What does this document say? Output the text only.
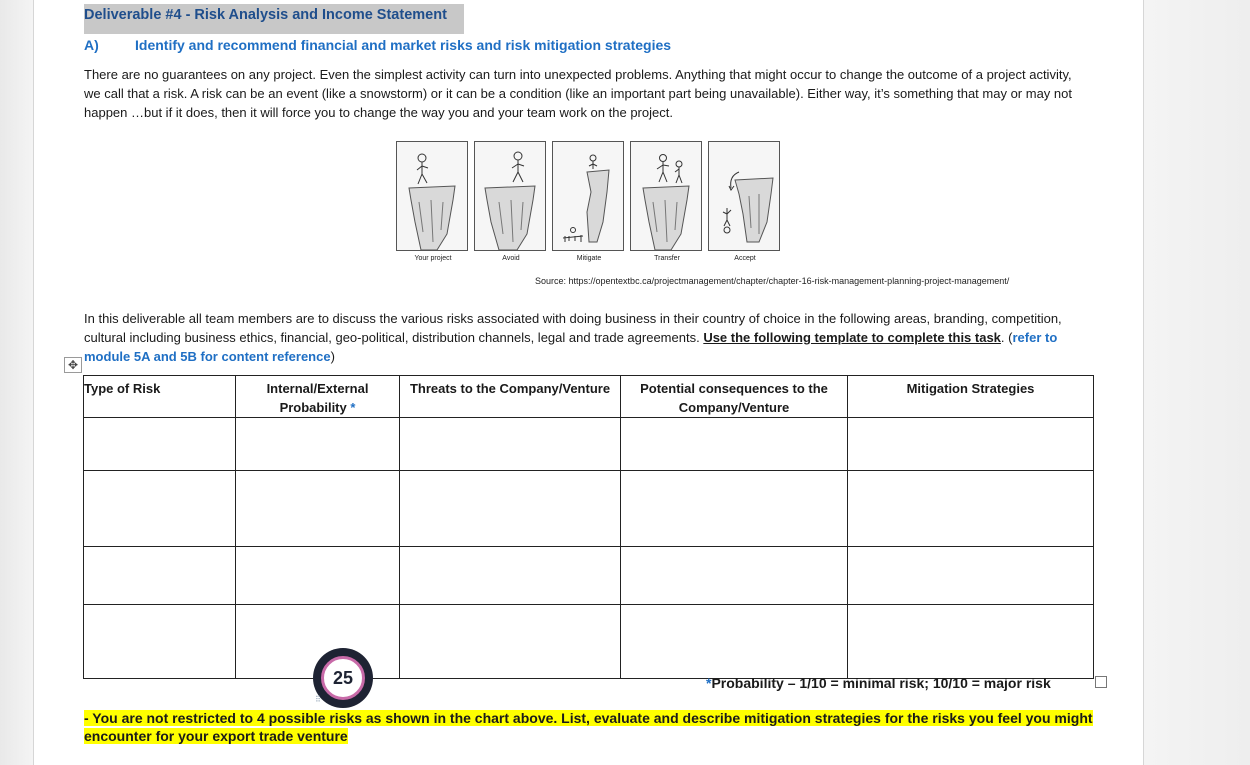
Deliverable #4 - Risk Analysis and Income Statement
A)	Identify and recommend financial and market risks and risk mitigation strategies
There are no guarantees on any project. Even the simplest activity can turn into unexpected problems. Anything that might occur to change the outcome of a project activity, we call that a risk. A risk can be an event (like a snowstorm) or it can be a condition (like an important part being unavailable). Either way, it’s something that may or may not happen …but if it does, then it will force you to change the way you and your team work on the project.
Your project	Avoid	Mitigate	Transfer	Accept
Source: https://opentextbc.ca/projectmanagement/chapter/chapter-16-risk-management-planning-project-management/
In this deliverable all team members are to discuss the various risks associated with doing business in their country of choice in the following areas, branding, competition, cultural including business ethics, financial, geo-political, distribution channels, legal and trade agreements. Use the following template to complete this task. (refer to module 5A and 5B for content reference)
✥
Type of Risk	Internal/External Probability *	Threats to the Company/Venture	Potential consequences to the Company/Venture	Mitigation Strategies

*Probability – 1/10 = minimal risk; 10/10 = major risk
- You are not restricted to 4 possible risks as shown in the chart above. List, evaluate and describe mitigation strategies for the risks you feel you might encounter for your export trade venture
25
⠿
